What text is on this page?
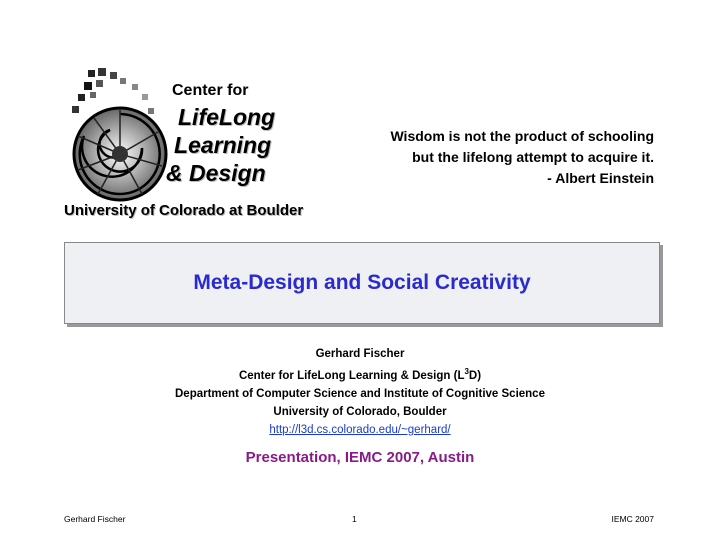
Center for
LifeLong
Learning
& Design
University of Colorado at Boulder
Wisdom is not the product of schooling
but the lifelong attempt to acquire it.
- Albert Einstein
Meta-Design and Social Creativity
Gerhard Fischer
Center for LifeLong Learning & Design $(L^3D)$
Department of Computer Science and Institute of Cognitive Science
University of Colorado, Boulder
http://l3d.cs.colorado.edu/~gerhard/
Presentation, IEMC 2007, Austin
Gerhard Fischer	1	IEMC 2007
